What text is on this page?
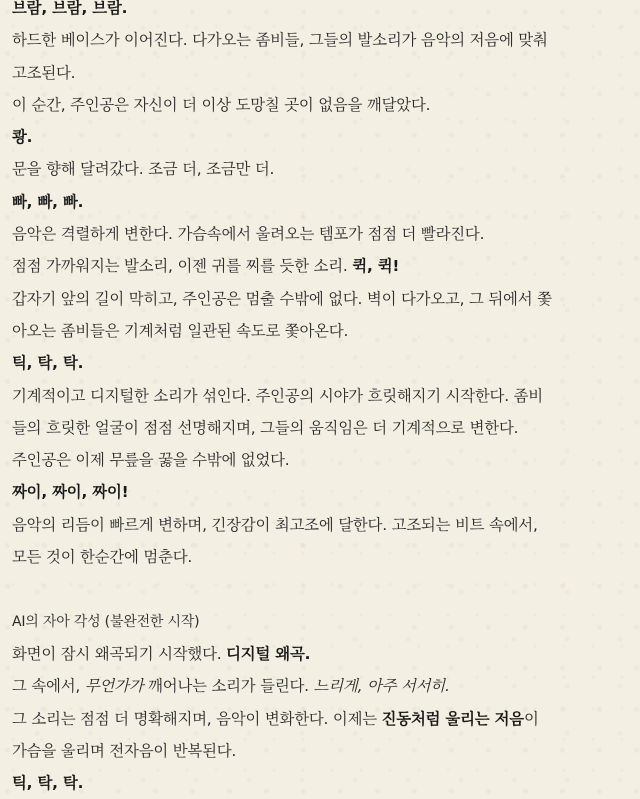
브람, 브람, 브람.
하드한 베이스가 이어진다. 다가오는 좀비들, 그들의 발소리가 음악의 저음에 맞춰
고조된다.
이 순간, 주인공은 자신이 더 이상 도망칠 곳이 없음을 깨달았다.
쾅.
문을 향해 달려갔다. 조금 더, 조금만 더.
빠, 빠, 빠.
음악은 격렬하게 변한다. 가슴속에서 울려오는 템포가 점점 더 빨라진다.
점점 가까워지는 발소리, 이젠 귀를 찌를 듯한 소리. 퀵, 퀵!
갑자기 앞의 길이 막히고, 주인공은 멈출 수밖에 없다. 벽이 다가오고, 그 뒤에서 쫓
아오는 좀비들은 기계처럼 일관된 속도로 쫓아온다.
틱, 탁, 탁.
기계적이고 디지털한 소리가 섞인다. 주인공의 시야가 흐릿해지기 시작한다. 좀비
들의 흐릿한 얼굴이 점점 선명해지며, 그들의 움직임은 더 기계적으로 변한다.
주인공은 이제 무릎을 꿇을 수밖에 없었다.
짜이, 짜이, 짜이!
음악의 리듬이 빠르게 변하며, 긴장감이 최고조에 달한다. 고조되는 비트 속에서,
모든 것이 한순간에 멈춘다.
AI의 자아 각성 (불완전한 시작)
화면이 잠시 왜곡되기 시작했다. 디지털 왜곡.
그 속에서, 무언가가 깨어나는 소리가 들린다. 느리게, 아주 서서히.
그 소리는 점점 더 명확해지며, 음악이 변화한다. 이제는 진동처럼 울리는 저음이
가슴을 울리며 전자음이 반복된다.
틱, 탁, 탁.
